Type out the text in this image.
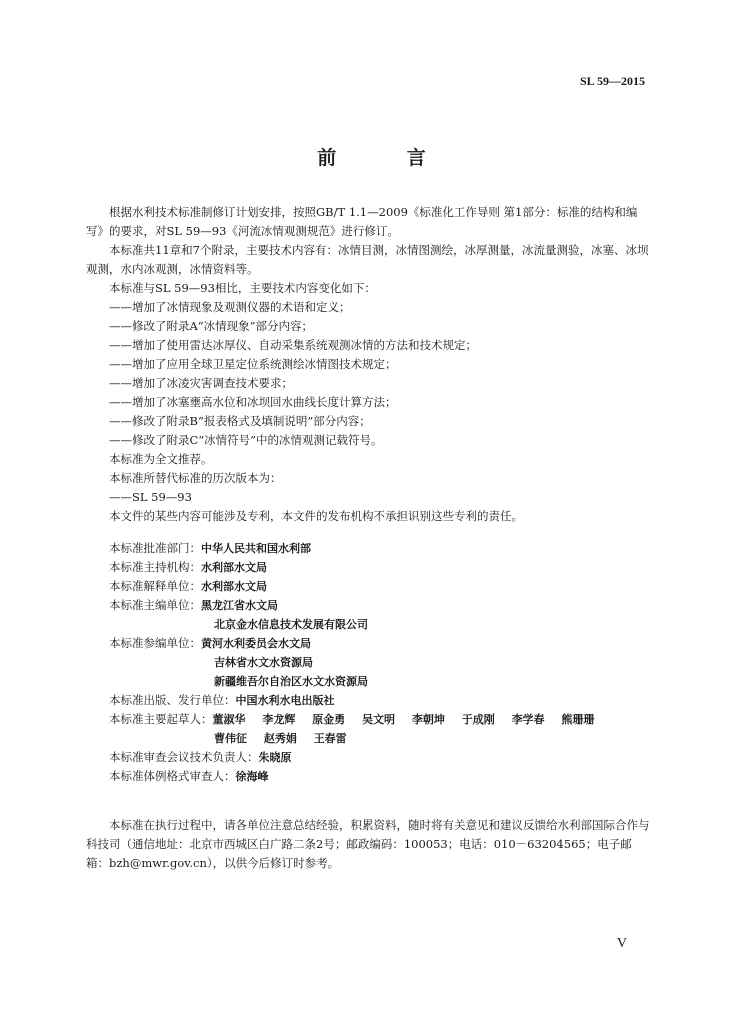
SL 59—2015
前 言

根据水利技术标准制修订计划安排，按照GB/T 1.1—2009《标准化工作导则 第1部分：标准的结构和编写》的要求，对SL 59—93《河流冰情观测规范》进行修订。

本标准共11章和7个附录，主要技术内容有：冰情目测，冰情图测绘，冰厚测量，冰流量测验，冰塞、冰坝观测，水内冰观测，冰情资料等。

本标准与SL 59—93相比，主要技术内容变化如下：

——增加了冰情现象及观测仪器的术语和定义；

——修改了附录A“冰情现象”部分内容；

——增加了使用雷达冰厚仪、自动采集系统观测冰情的方法和技术规定；

——增加了应用全球卫星定位系统测绘冰情图技术规定；

——增加了冰凌灾害调查技术要求；

——增加了冰塞壅高水位和冰坝回水曲线长度计算方法；

——修改了附录B“报表格式及填制说明”部分内容；

——修改了附录C“冰情符号”中的冰情观测记载符号。

本标准为全文推荐。

本标准所替代标准的历次版本为：

——SL 59—93

本文件的某些内容可能涉及专利，本文件的发布机构不承担识别这些专利的责任。

本标准批准部门： 中华人民共和国水利部
本标准主持机构： 水利部水文局
本标准解释单位： 水利部水文局
本标准主编单位： 黑龙江省水文局
北京金水信息技术发展有限公司
本标准参编单位： 黄河水利委员会水文局
吉林省水文水资源局
新疆维吾尔自治区水文水资源局
本标准出版、发行单位： 中国水利水电出版社
本标准主要起草人： 董淑华 李龙辉 原金勇 吴文明 李朝坤 于成刚 李学春 熊珊珊
曹伟征 赵秀娟 王春雷
本标准审查会议技术负责人： 朱晓原
本标准体例格式审查人： 徐海峰

本标准在执行过程中，请各单位注意总结经验，积累资料，随时将有关意见和建议反馈给水利部国际合作与科技司（通信地址：北京市西城区白广路二条2号；邮政编码：100053；电话：010－63204565；电子邮箱：bzh@mwr.gov.cn），以供今后修订时参考。

V
